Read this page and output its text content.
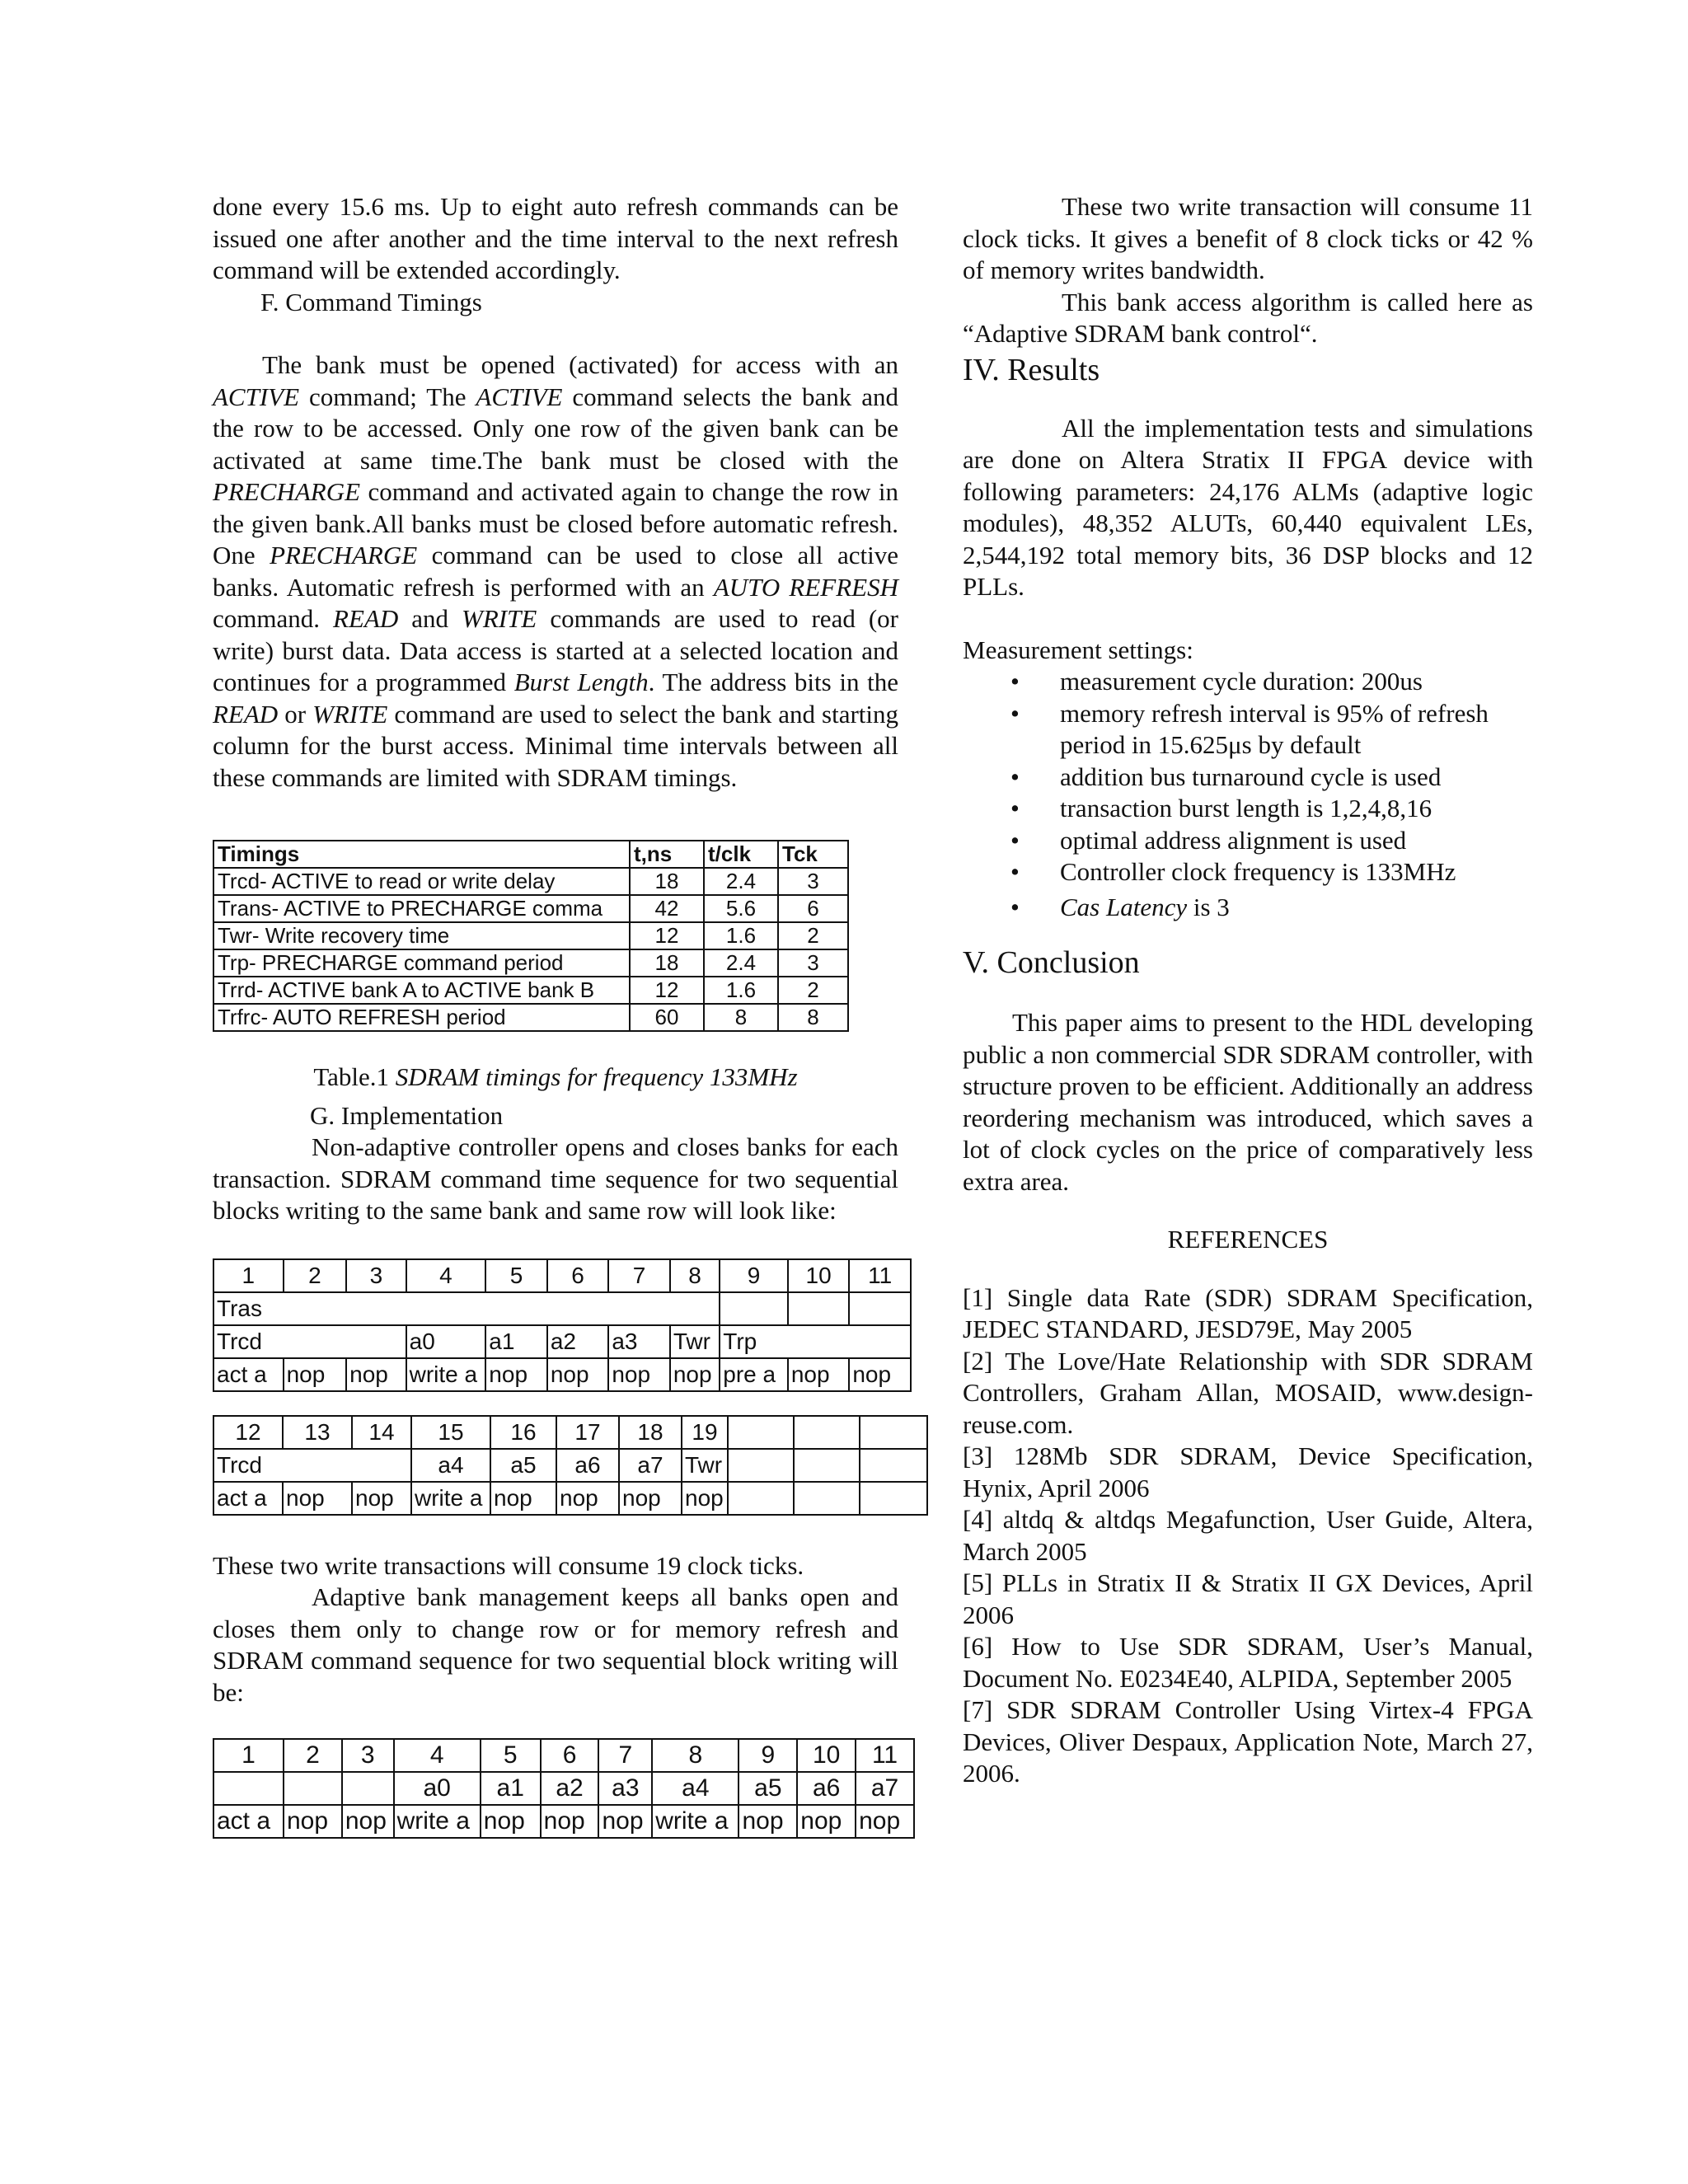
done every 15.6 ms. Up to eight auto refresh commands can be issued one after another and the time interval to the next refresh command will be extended accordingly.

F. Command Timings

The bank must be opened (activated) for access with an ACTIVE command; The ACTIVE command selects the bank and the row to be accessed. Only one row of the given bank can be activated at same time.The bank must be closed with the PRECHARGE command and activated again to change the row in the given bank.All banks must be closed before automatic refresh. One PRECHARGE command can be used to close all active banks. Automatic refresh is performed with an AUTO REFRESH command. READ and WRITE commands are used to read (or write) burst data. Data access is started at a selected location and continues for a programmed Burst Length. The address bits in the READ or WRITE command are used to select the bank and starting column for the burst access. Minimal time intervals between all these commands are limited with SDRAM timings.

Timings	t,ns	t/clk	Tck
Trcd- ACTIVE to read or write delay	18	2.4	3
Trans- ACTIVE to PRECHARGE comma	42	5.6	6
Twr- Write recovery time	12	1.6	2
Trp- PRECHARGE command period	18	2.4	3
Trrd- ACTIVE bank A to ACTIVE bank B	12	1.6	2
Trfrc- AUTO REFRESH period	60	8	8

Table.1 SDRAM timings for frequency 133MHz

G. Implementation

Non-adaptive controller opens and closes banks for each transaction. SDRAM command time sequence for two sequential blocks writing to the same bank and same row will look like:

1	2	3	4	5	6	7	8	9	10	11
Tras										
Trcd			a0	a1	a2	a3	Twr	Trp		
act a	nop	nop	write a	nop	nop	nop	nop	pre a	nop	nop
12	13	14	15	16	17	18	19			
Trcd			a4	a5	a6	a7	Twr			
act a	nop	nop	write a	nop	nop	nop	nop			

These two write transactions will consume 19 clock ticks.

Adaptive bank management keeps all banks open and closes them only to change row or for memory refresh and SDRAM command sequence for two sequential block writing will be:

1	2	3	4	5	6	7	8	9	10	11
			a0	a1	a2	a3	a4	a5	a6	a7
act a	nop	nop	write a	nop	nop	nop	write a	nop	nop	nop

These two write transaction will consume 11 clock ticks. It gives a benefit of 8 clock ticks or 42 % of memory writes bandwidth.

This bank access algorithm is called here as “Adaptive SDRAM bank control“.

IV. Results

All the implementation tests and simulations are done on Altera Stratix II FPGA device with following parameters: 24,176 ALMs (adaptive logic modules), 48,352 ALUTs, 60,440 equivalent LEs, 2,544,192 total memory bits, 36 DSP blocks and 12 PLLs.

Measurement settings:
• measurement cycle duration: 200us
• memory refresh interval is 95% of refresh period in 15.625μs by default
• addition bus turnaround cycle is used
• transaction burst length is 1,2,4,8,16
• optimal address alignment is used
• Controller clock frequency is 133MHz
• Cas Latency is 3
V. Conclusion

This paper aims to present to the HDL developing public a non commercial SDR SDRAM controller, with structure proven to be efficient. Additionally an address reordering mechanism was introduced, which saves a lot of clock cycles on the price of comparatively less extra area.

REFERENCES

[1] Single data Rate (SDR) SDRAM Specification, JEDEC STANDARD, JESD79E, May 2005

[2] The Love/Hate Relationship with SDR SDRAM Controllers, Graham Allan, MOSAID, www.design-reuse.com.

[3] 128Mb SDR SDRAM, Device Specification, Hynix, April 2006

[4] altdq & altdqs Megafunction, User Guide, Altera, March 2005

[5] PLLs in Stratix II & Stratix II GX Devices, April 2006

[6] How to Use SDR SDRAM, User’s Manual, Document No. E0234E40, ALPIDA, September 2005

[7] SDR SDRAM Controller Using Virtex-4 FPGA Devices, Oliver Despaux, Application Note, March 27, 2006.
